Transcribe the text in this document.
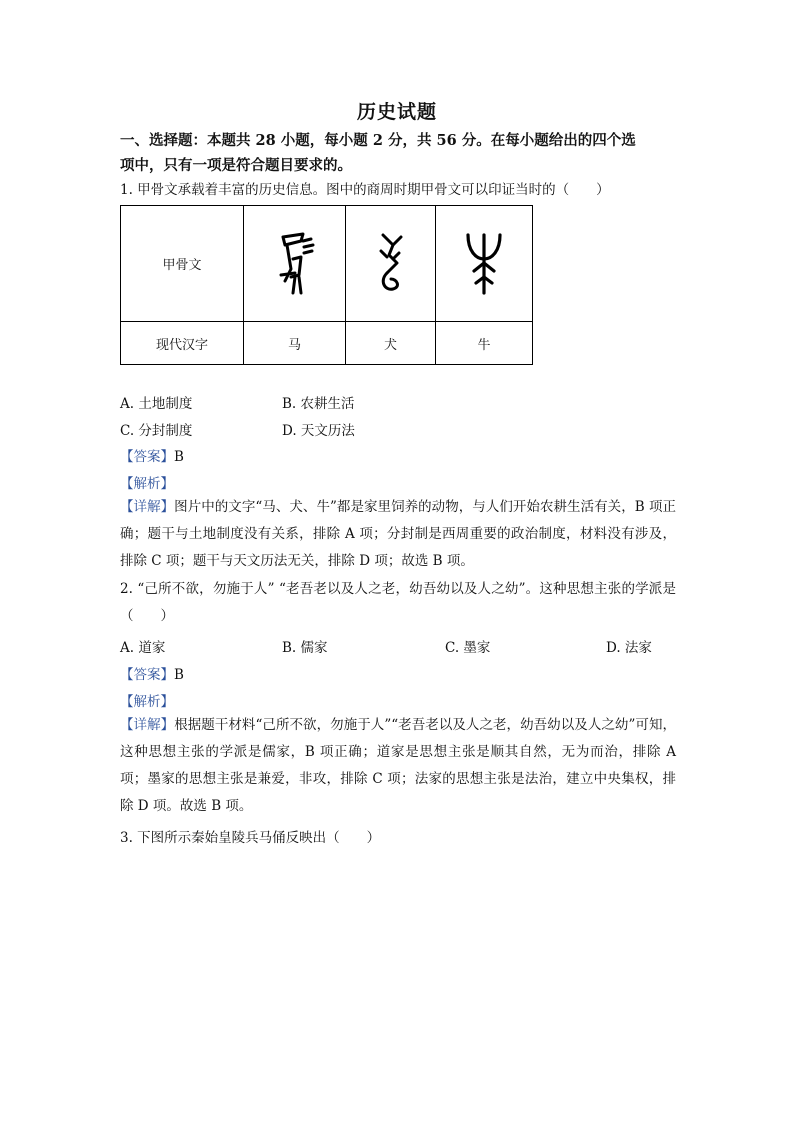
历史试题
一、选择题：本题共 28 小题，每小题 2 分，共 56 分。在每小题给出的四个选
项中，只有一项是符合题目要求的。
1. 甲骨文承载着丰富的历史信息。图中的商周时期甲骨文可以印证当时的（　　）
甲骨文	

现代汉字	马	犬	牛
A. 土地制度	B. 农耕生活
C. 分封制度	D. 天文历法
【答案】B
【解析】
【详解】图片中的文字“马、犬、牛”都是家里饲养的动物，与人们开始农耕生活有关，B 项正确；题干与土地制度没有关系，排除 A 项；分封制是西周重要的政治制度，材料没有涉及，排除 C 项；题干与天文历法无关，排除 D 项；故选 B 项。
2. “己所不欲，勿施于人” “老吾老以及人之老，幼吾幼以及人之幼”。这种思想主张的学派是（　　）
A. 道家	B. 儒家	C. 墨家	D. 法家
【答案】B
【解析】
【详解】根据题干材料“己所不欲，勿施于人”“老吾老以及人之老，幼吾幼以及人之幼”可知，这种思想主张的学派是儒家，B 项正确；道家是思想主张是顺其自然，无为而治，排除 A 项；墨家的思想主张是兼爱，非攻，排除 C 项；法家的思想主张是法治，建立中央集权，排除 D 项。故选 B 项。
3. 下图所示秦始皇陵兵马俑反映出（　　）
